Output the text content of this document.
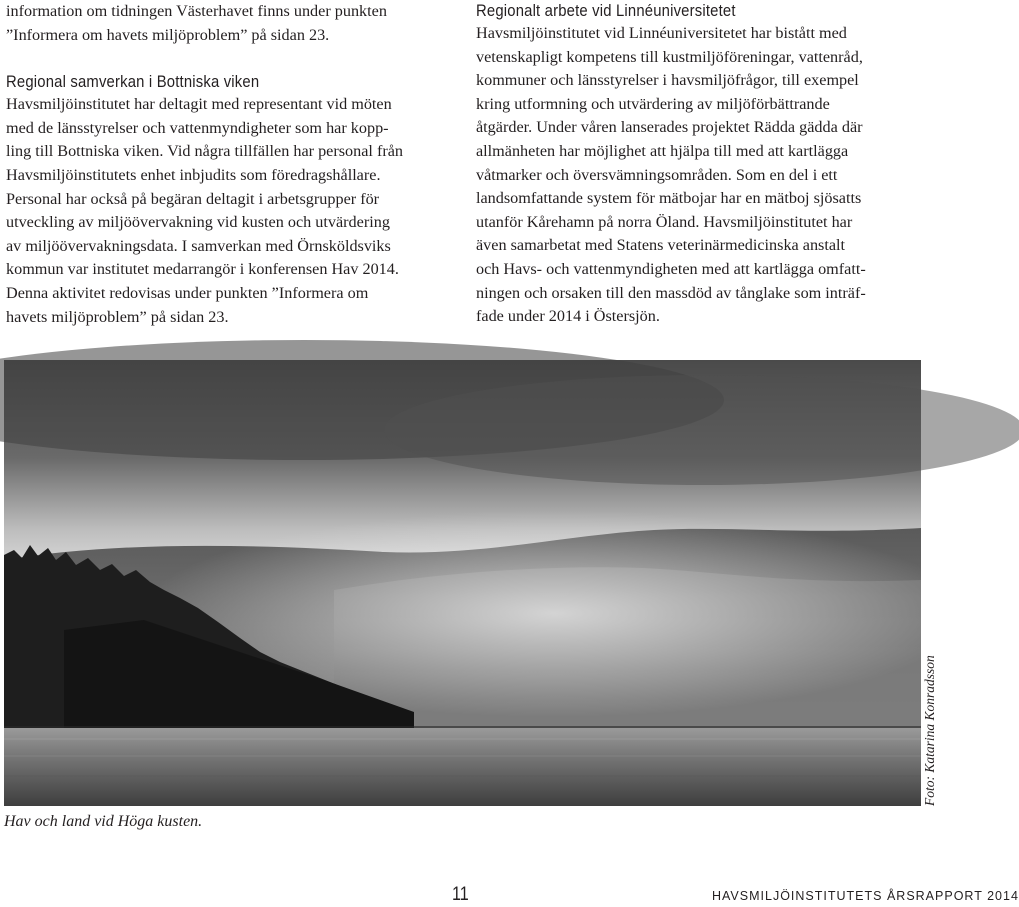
information om tidningen Västerhavet finns under punkten

”Informera om havets miljöproblem” på sidan 23.

Regional samverkan i Bottniska viken

Havsmiljöinstitutet har deltagit med representant vid möten

med de länsstyrelser och vattenmyndigheter som har kopp-

ling till Bottniska viken. Vid några tillfällen har personal från

Havsmiljöinstitutets enhet inbjudits som föredragshållare.

Personal har också på begäran deltagit i arbetsgrupper för

utveckling av miljöövervakning vid kusten och utvärdering

av miljöövervakningsdata. I samverkan med Örnsköldsviks

kommun var institutet medarrangör i konferensen Hav 2014.

Denna aktivitet redovisas under punkten ”Informera om

havets miljöproblem” på sidan 23.

Regionalt arbete vid Linnéuniversitetet

Havsmiljöinstitutet vid Linnéuniversitetet har bistått med

vetenskapligt kompetens till kustmiljöföreningar, vattenråd,

kommuner och länsstyrelser i havsmiljöfrågor, till exempel

kring utformning och utvärdering av miljöförbättrande

åtgärder. Under våren lanserades projektet Rädda gädda där

allmänheten har möjlighet att hjälpa till med att kartlägga

våtmarker och översvämningsområden. Som en del i ett

landsomfattande system för mätbojar har en mätboj sjösatts

utanför Kårehamn på norra Öland. Havsmiljöinstitutet har

även samarbetat med Statens veterinärmedicinska anstalt

och Havs- och vattenmyndigheten med att kartlägga omfatt-

ningen och orsaken till den massdöd av tånglake som inträf-

fade under 2014 i Östersjön.

Hav och land vid Höga kusten.
Foto: Katarina Konradsson
11	HAVSMILJÖINSTITUTETS ÅRSRAPPORT 2014
